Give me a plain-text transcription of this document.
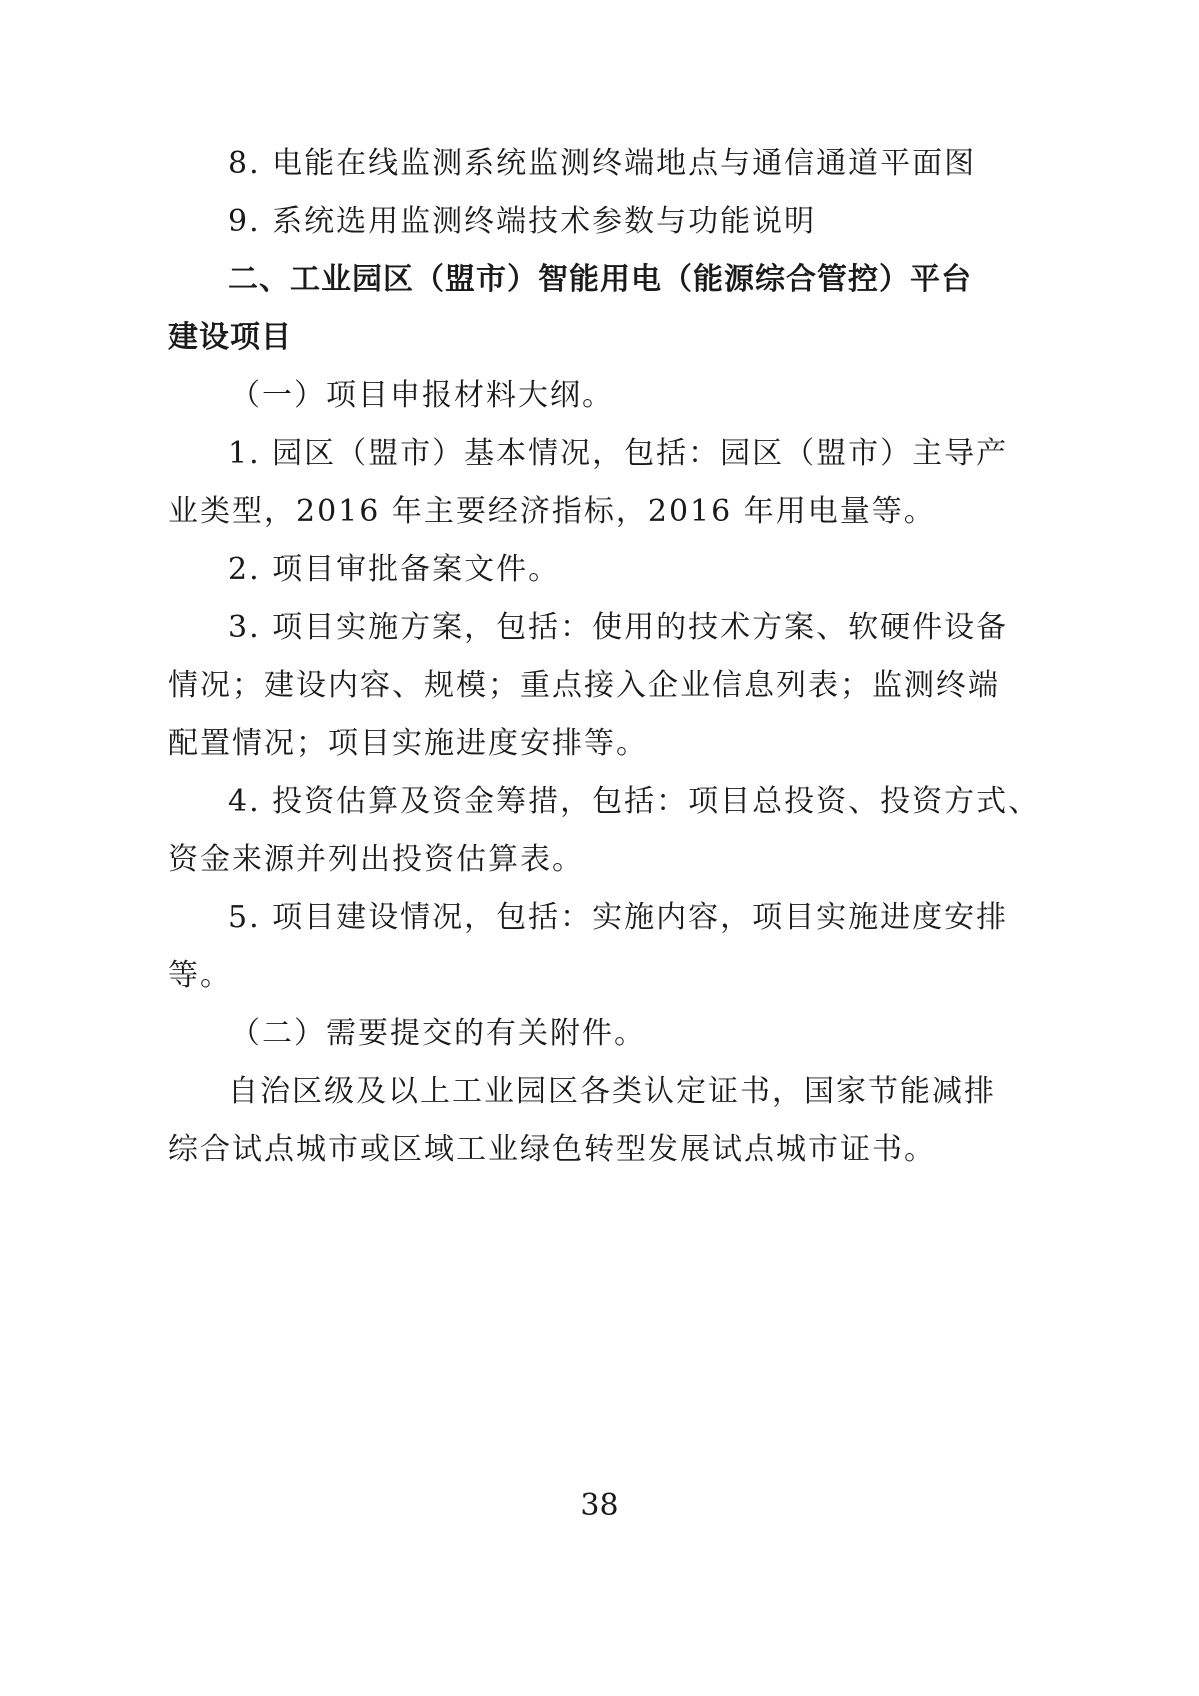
8. 电能在线监测系统监测终端地点与通信通道平面图
9. 系统选用监测终端技术参数与功能说明
二、工业园区（盟市）智能用电（能源综合管控）平台
建设项目
（一）项目申报材料大纲。
1. 园区（盟市）基本情况，包括：园区（盟市）主导产
业类型，2016 年主要经济指标，2016 年用电量等。
2. 项目审批备案文件。
3. 项目实施方案，包括：使用的技术方案、软硬件设备
情况；建设内容、规模；重点接入企业信息列表；监测终端
配置情况；项目实施进度安排等。
4. 投资估算及资金筹措，包括：项目总投资、投资方式、
资金来源并列出投资估算表。
5. 项目建设情况，包括：实施内容，项目实施进度安排
等。
（二）需要提交的有关附件。
自治区级及以上工业园区各类认定证书，国家节能减排
综合试点城市或区域工业绿色转型发展试点城市证书。
38
